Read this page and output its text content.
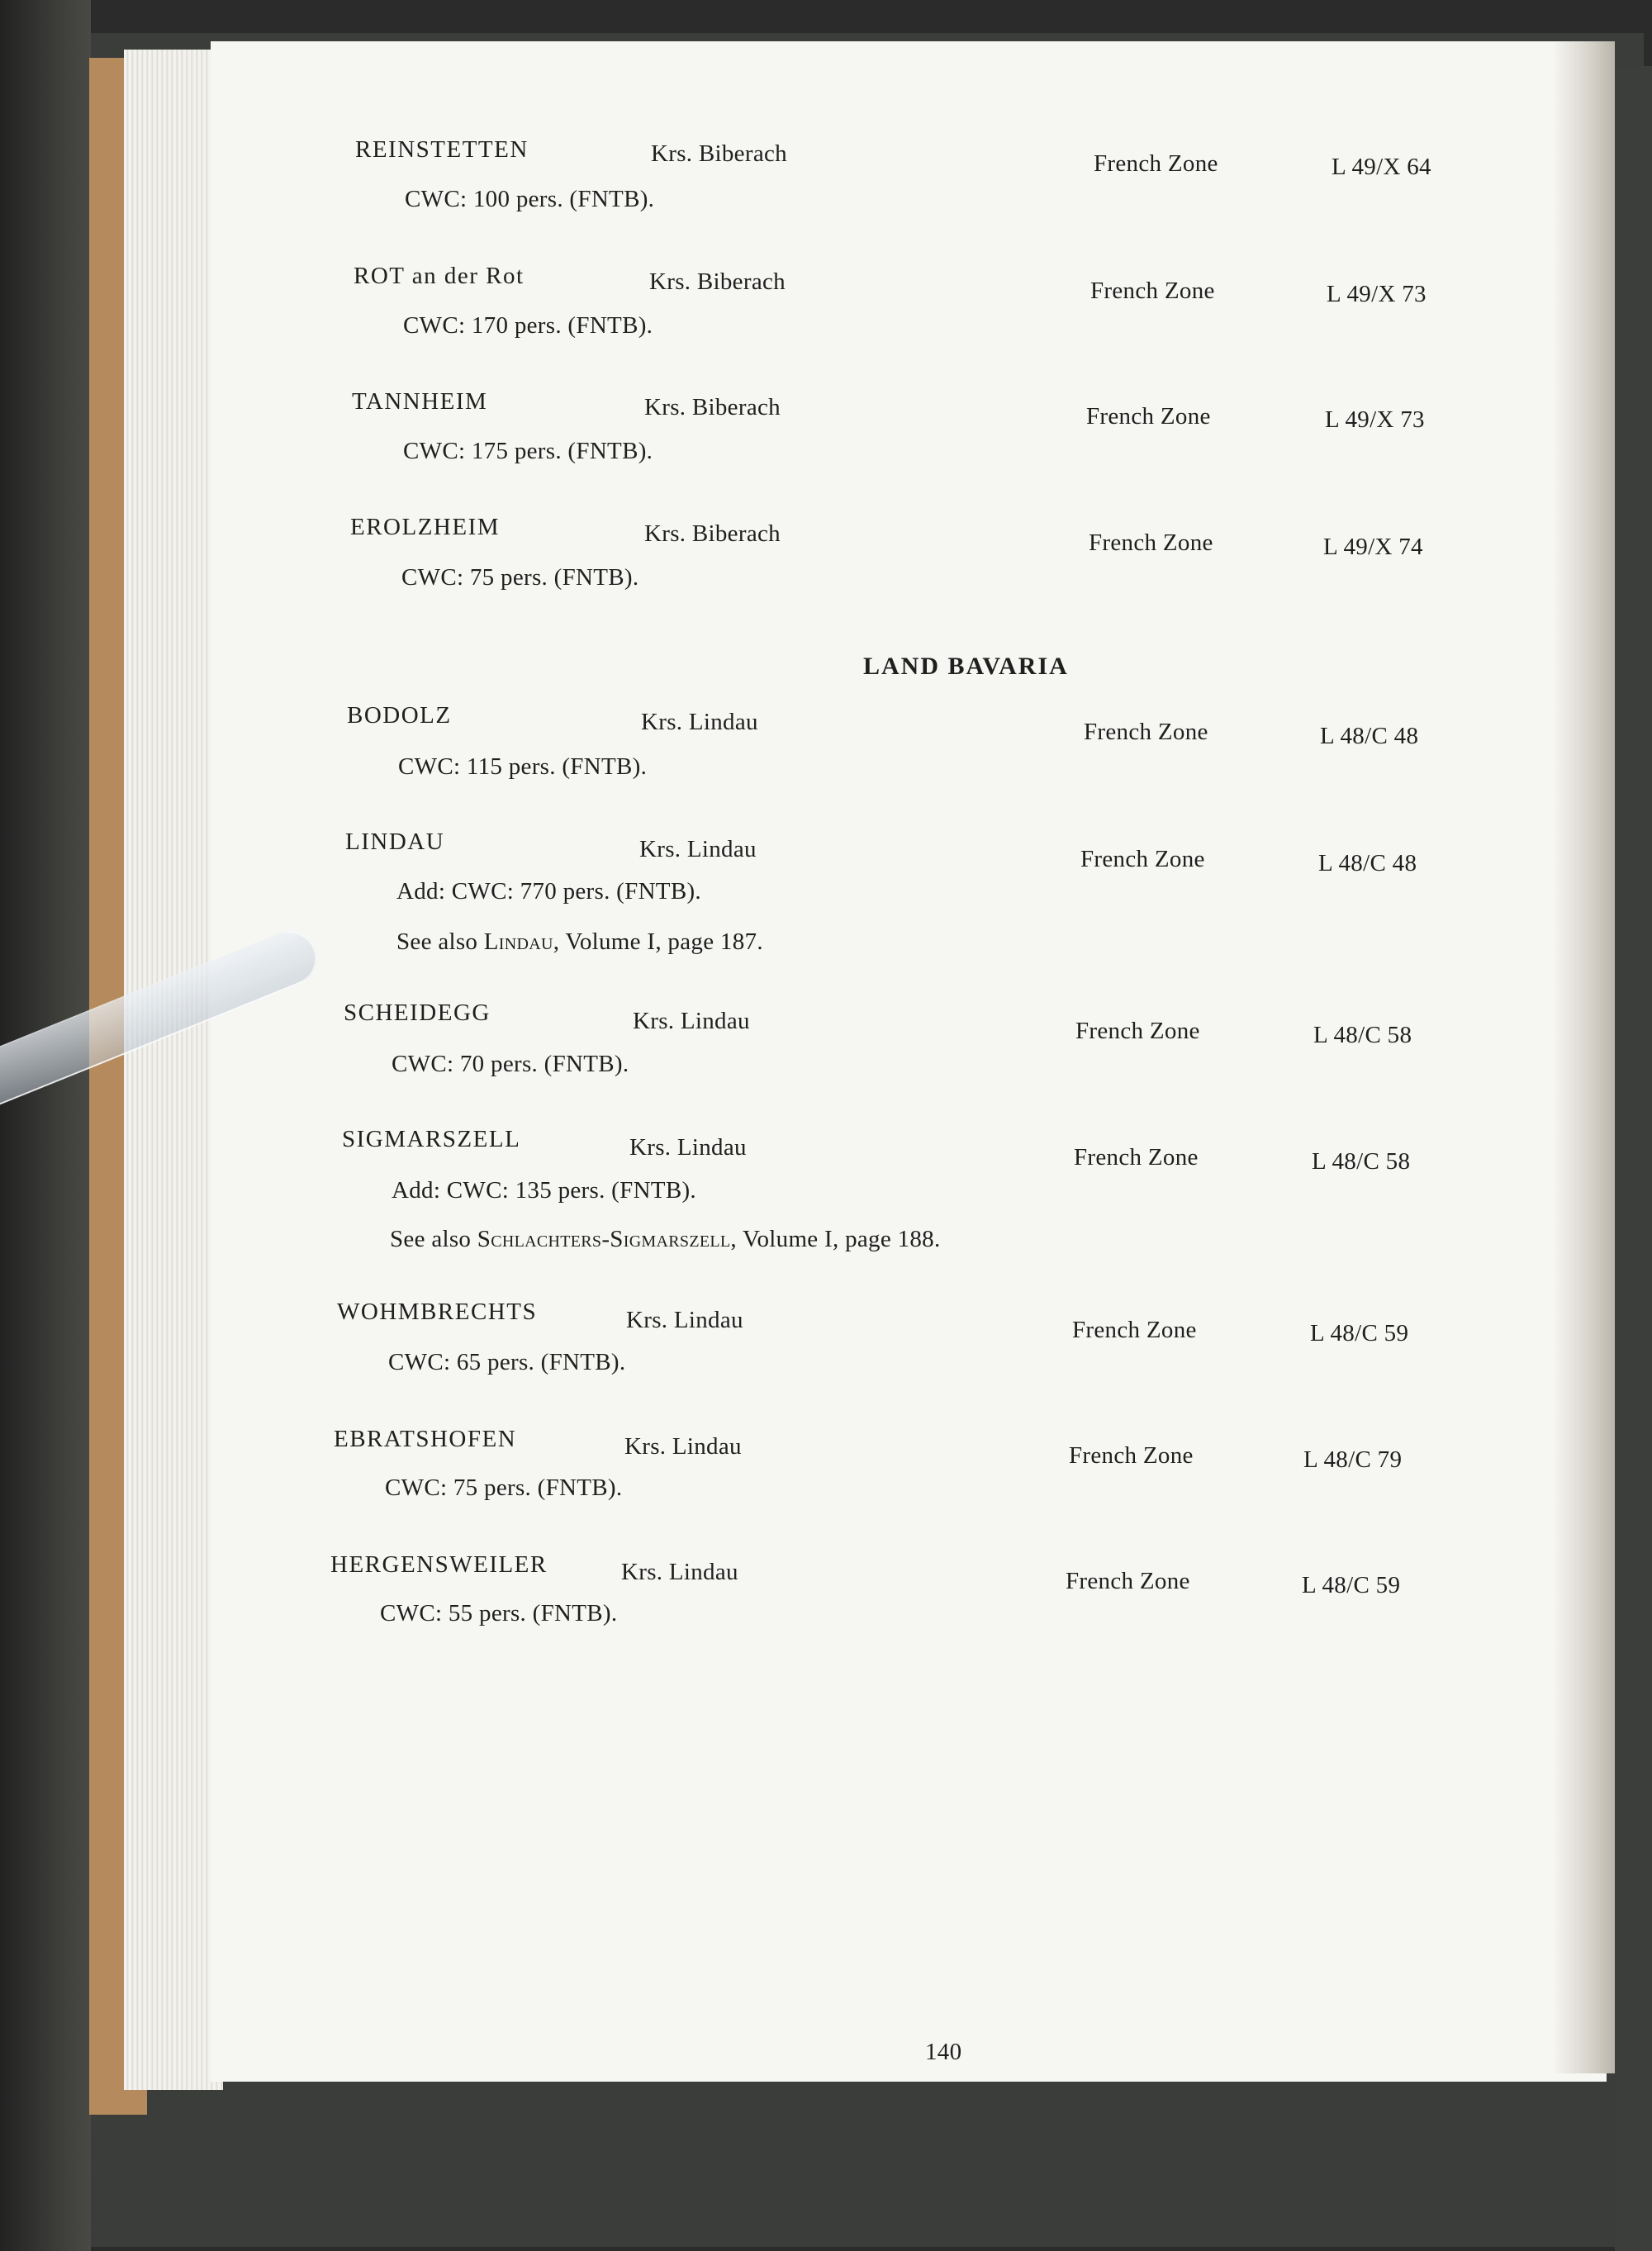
REINSTETTEN	Krs. Biberach	French Zone	L 49/X 64
CWC: 100 pers. (FNTB).
ROT an der Rot	Krs. Biberach	French Zone	L 49/X 73
CWC: 170 pers. (FNTB).
TANNHEIM	Krs. Biberach	French Zone	L 49/X 73
CWC: 175 pers. (FNTB).
EROLZHEIM	Krs. Biberach	French Zone	L 49/X 74
CWC: 75 pers. (FNTB).
LAND BAVARIA
BODOLZ	Krs. Lindau	French Zone	L 48/C 48
CWC: 115 pers. (FNTB).
LINDAU	Krs. Lindau	French Zone	L 48/C 48
Add: CWC: 770 pers. (FNTB).
See also Lindau, Volume I, page 187.
SCHEIDEGG	Krs. Lindau	French Zone	L 48/C 58
CWC: 70 pers. (FNTB).
SIGMARSZELL	Krs. Lindau	French Zone	L 48/C 58
Add: CWC: 135 pers. (FNTB).
See also Schlachters-Sigmarszell, Volume I, page 188.
WOHMBRECHTS	Krs. Lindau	French Zone	L 48/C 59
CWC: 65 pers. (FNTB).
EBRATSHOFEN	Krs. Lindau	French Zone	L 48/C 79
CWC: 75 pers. (FNTB).
HERGENSWEILER	Krs. Lindau	French Zone	L 48/C 59
CWC: 55 pers. (FNTB).
140
